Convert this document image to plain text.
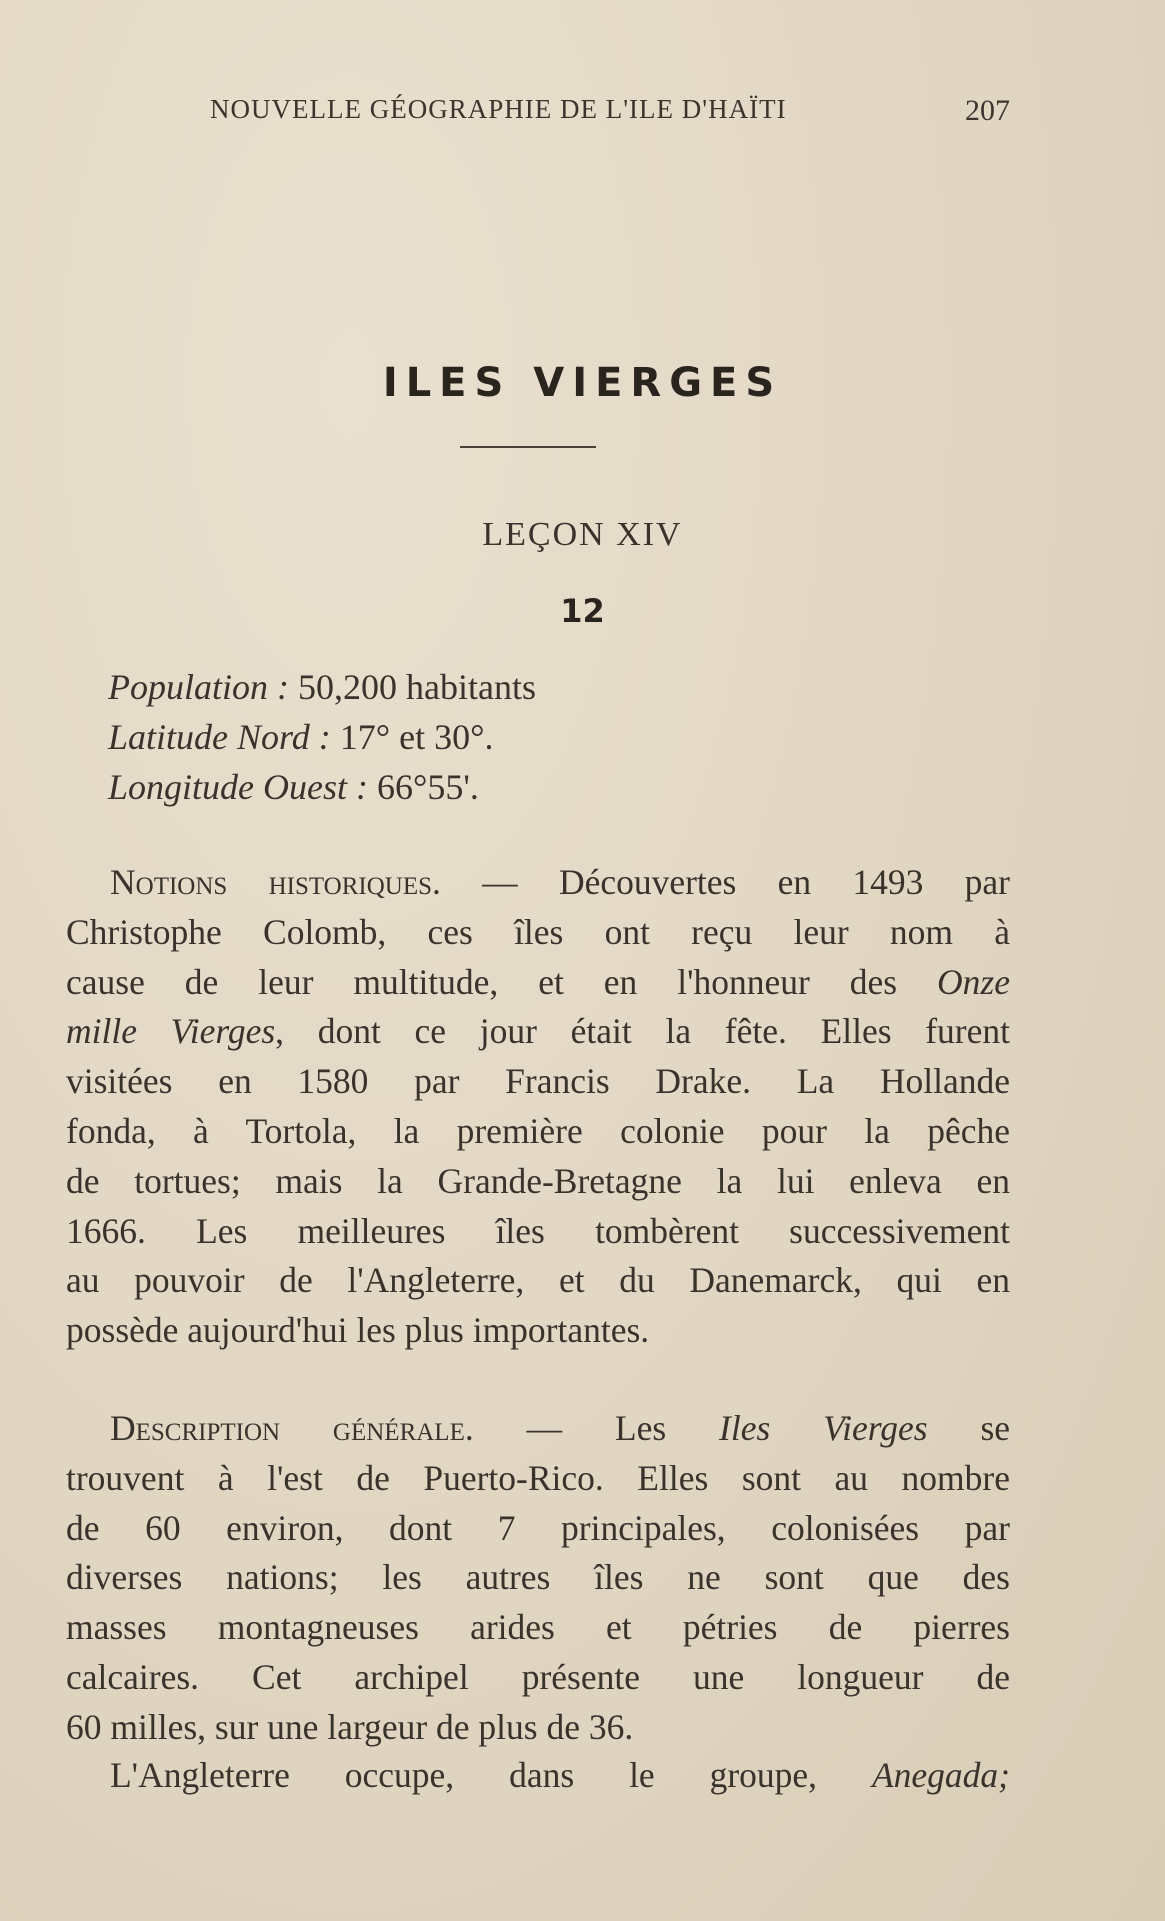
NOUVELLE GÉOGRAPHIE DE L'ILE D'HAÏTI	207
ILES VIERGES
LEÇON XIV
12
Population : 50,200 habitants
Latitude Nord : 17° et 30°.
Longitude Ouest : 66°55'.
Notions historiques. — Découvertes en 1493 par
Christophe Colomb, ces îles ont reçu leur nom à
cause de leur multitude, et en l'honneur des Onze
mille Vierges, dont ce jour était la fête. Elles furent
visitées en 1580 par Francis Drake. La Hollande
fonda, à Tortola, la première colonie pour la pêche
de tortues; mais la Grande-Bretagne la lui enleva en
1666. Les meilleures îles tombèrent successivement
au pouvoir de l'Angleterre, et du Danemarck, qui en
possède aujourd'hui les plus importantes.
Description générale. — Les Iles Vierges se
trouvent à l'est de Puerto-Rico. Elles sont au nombre
de 60 environ, dont 7 principales, colonisées par
diverses nations; les autres îles ne sont que des
masses montagneuses arides et pétries de pierres
calcaires. Cet archipel présente une longueur de
60 milles, sur une largeur de plus de 36.
L'Angleterre occupe, dans le groupe, Anegada;
